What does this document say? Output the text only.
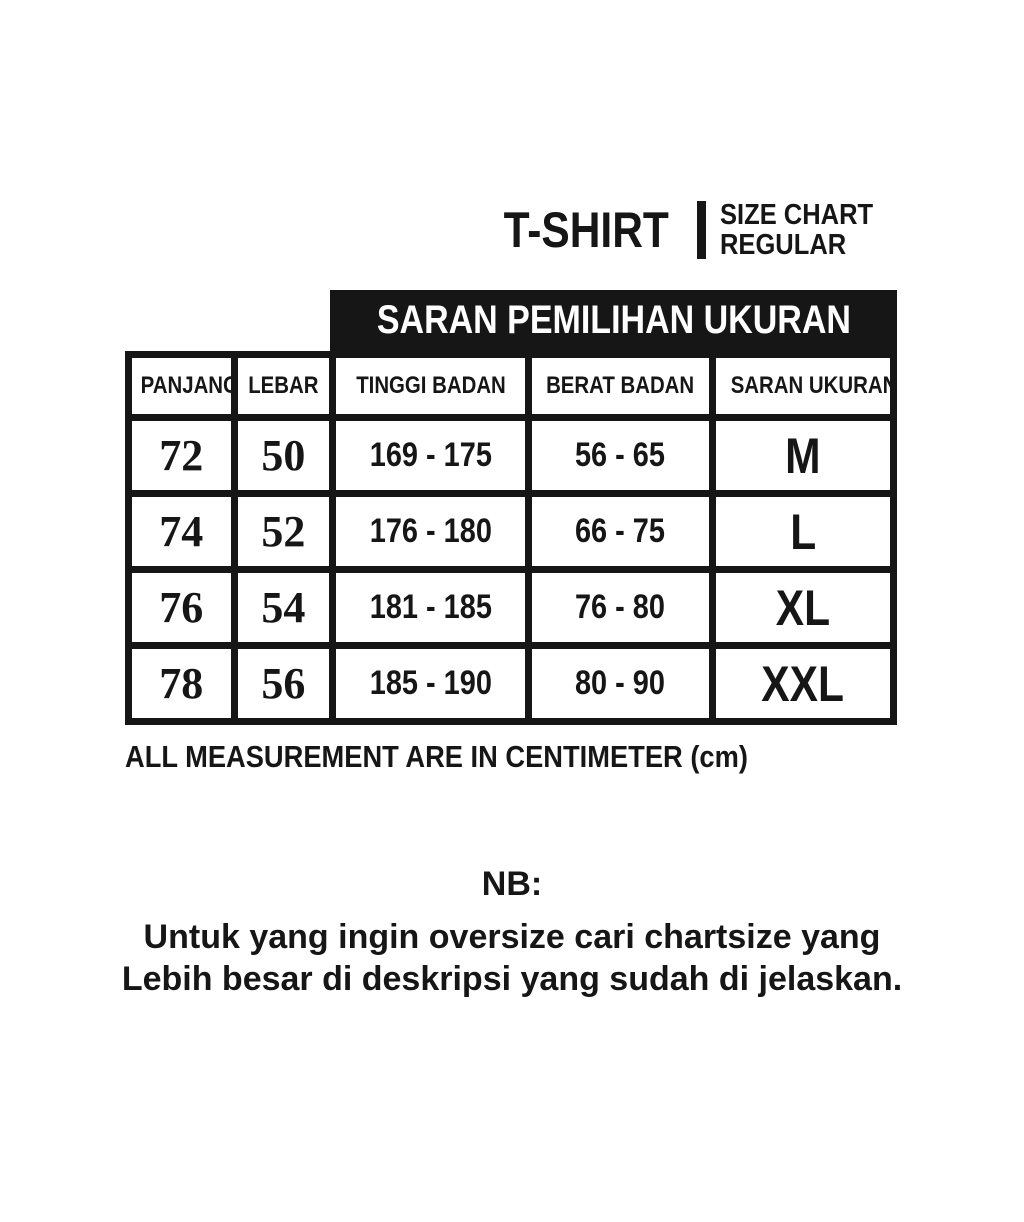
T-SHIRT	SIZE CHART
REGULAR
SARAN PEMILIHAN UKURAN
PANJANG	LEBAR	TINGGI BADAN	BERAT BADAN	SARAN UKURAN
72	50	169 - 175	56 - 65	M
74	52	176 - 180	66 - 75	L
76	54	181 - 185	76 - 80	XL
78	56	185 - 190	80 - 90	XXL
ALL MEASUREMENT ARE IN CENTIMETER (cm)
NB:
Untuk yang ingin oversize cari chartsize yang
Lebih besar di deskripsi yang sudah di jelaskan.
